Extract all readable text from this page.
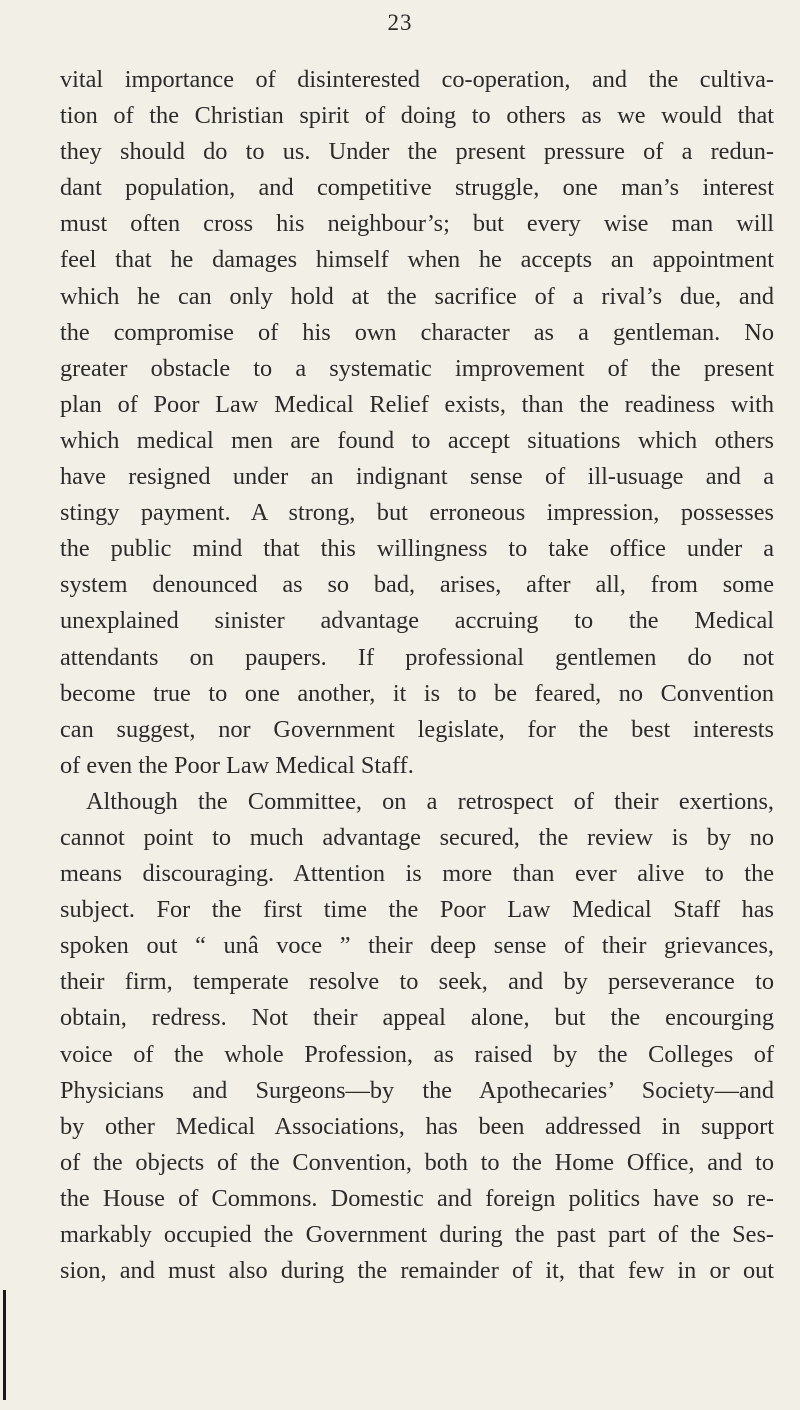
23
vital importance of disinterested co-operation, and the cultiva-
tion of the Christian spirit of doing to others as we would that
they should do to us. Under the present pressure of a redun-
dant population, and competitive struggle, one man’s interest
must often cross his neighbour’s; but every wise man will
feel that he damages himself when he accepts an appointment
which he can only hold at the sacrifice of a rival’s due, and
the compromise of his own character as a gentleman. No
greater obstacle to a systematic improvement of the present
plan of Poor Law Medical Relief exists, than the readiness with
which medical men are found to accept situations which others
have resigned under an indignant sense of ill-usuage and a
stingy payment. A strong, but erroneous impression, possesses
the public mind that this willingness to take office under a
system denounced as so bad, arises, after all, from some
unexplained sinister advantage accruing to the Medical
attendants on paupers. If professional gentlemen do not
become true to one another, it is to be feared, no Convention
can suggest, nor Government legislate, for the best interests
of even the Poor Law Medical Staff.
Although the Committee, on a retrospect of their exertions,
cannot point to much advantage secured, the review is by no
means discouraging. Attention is more than ever alive to the
subject. For the first time the Poor Law Medical Staff has
spoken out “ unâ voce ” their deep sense of their grievances,
their firm, temperate resolve to seek, and by perseverance to
obtain, redress. Not their appeal alone, but the encourging
voice of the whole Profession, as raised by the Colleges of
Physicians and Surgeons—by the Apothecaries’ Society—and
by other Medical Associations, has been addressed in support
of the objects of the Convention, both to the Home Office, and to
the House of Commons. Domestic and foreign politics have so re-
markably occupied the Government during the past part of the Ses-
sion, and must also during the remainder of it, that few in or out
